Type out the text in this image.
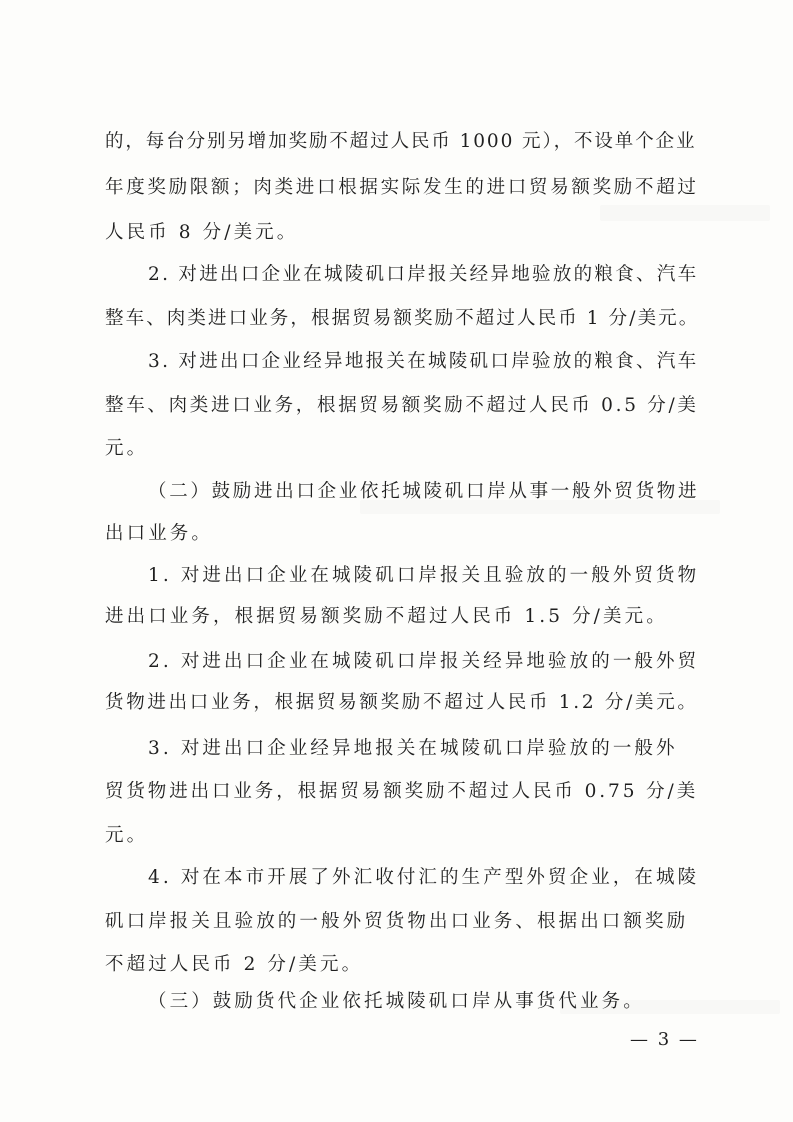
的，每台分别另增加奖励不超过人民币 1000 元），不设单个企业
年度奖励限额；肉类进口根据实际发生的进口贸易额奖励不超过
人民币 8 分/美元。
2. 对进出口企业在城陵矶口岸报关经异地验放的粮食、汽车
整车、肉类进口业务，根据贸易额奖励不超过人民币 1 分/美元。
3. 对进出口企业经异地报关在城陵矶口岸验放的粮食、汽车
整车、肉类进口业务，根据贸易额奖励不超过人民币 0.5 分/美
元。
（二）鼓励进出口企业依托城陵矶口岸从事一般外贸货物进
出口业务。
1. 对进出口企业在城陵矶口岸报关且验放的一般外贸货物
进出口业务，根据贸易额奖励不超过人民币 1.5 分/美元。
2. 对进出口企业在城陵矶口岸报关经异地验放的一般外贸
货物进出口业务，根据贸易额奖励不超过人民币 1.2 分/美元。
3. 对进出口企业经异地报关在城陵矶口岸验放的一般外
贸货物进出口业务，根据贸易额奖励不超过人民币 0.75 分/美
元。
4. 对在本市开展了外汇收付汇的生产型外贸企业，在城陵
矶口岸报关且验放的一般外贸货物出口业务、根据出口额奖励
不超过人民币 2 分/美元。
（三）鼓励货代企业依托城陵矶口岸从事货代业务。
— 3 —
